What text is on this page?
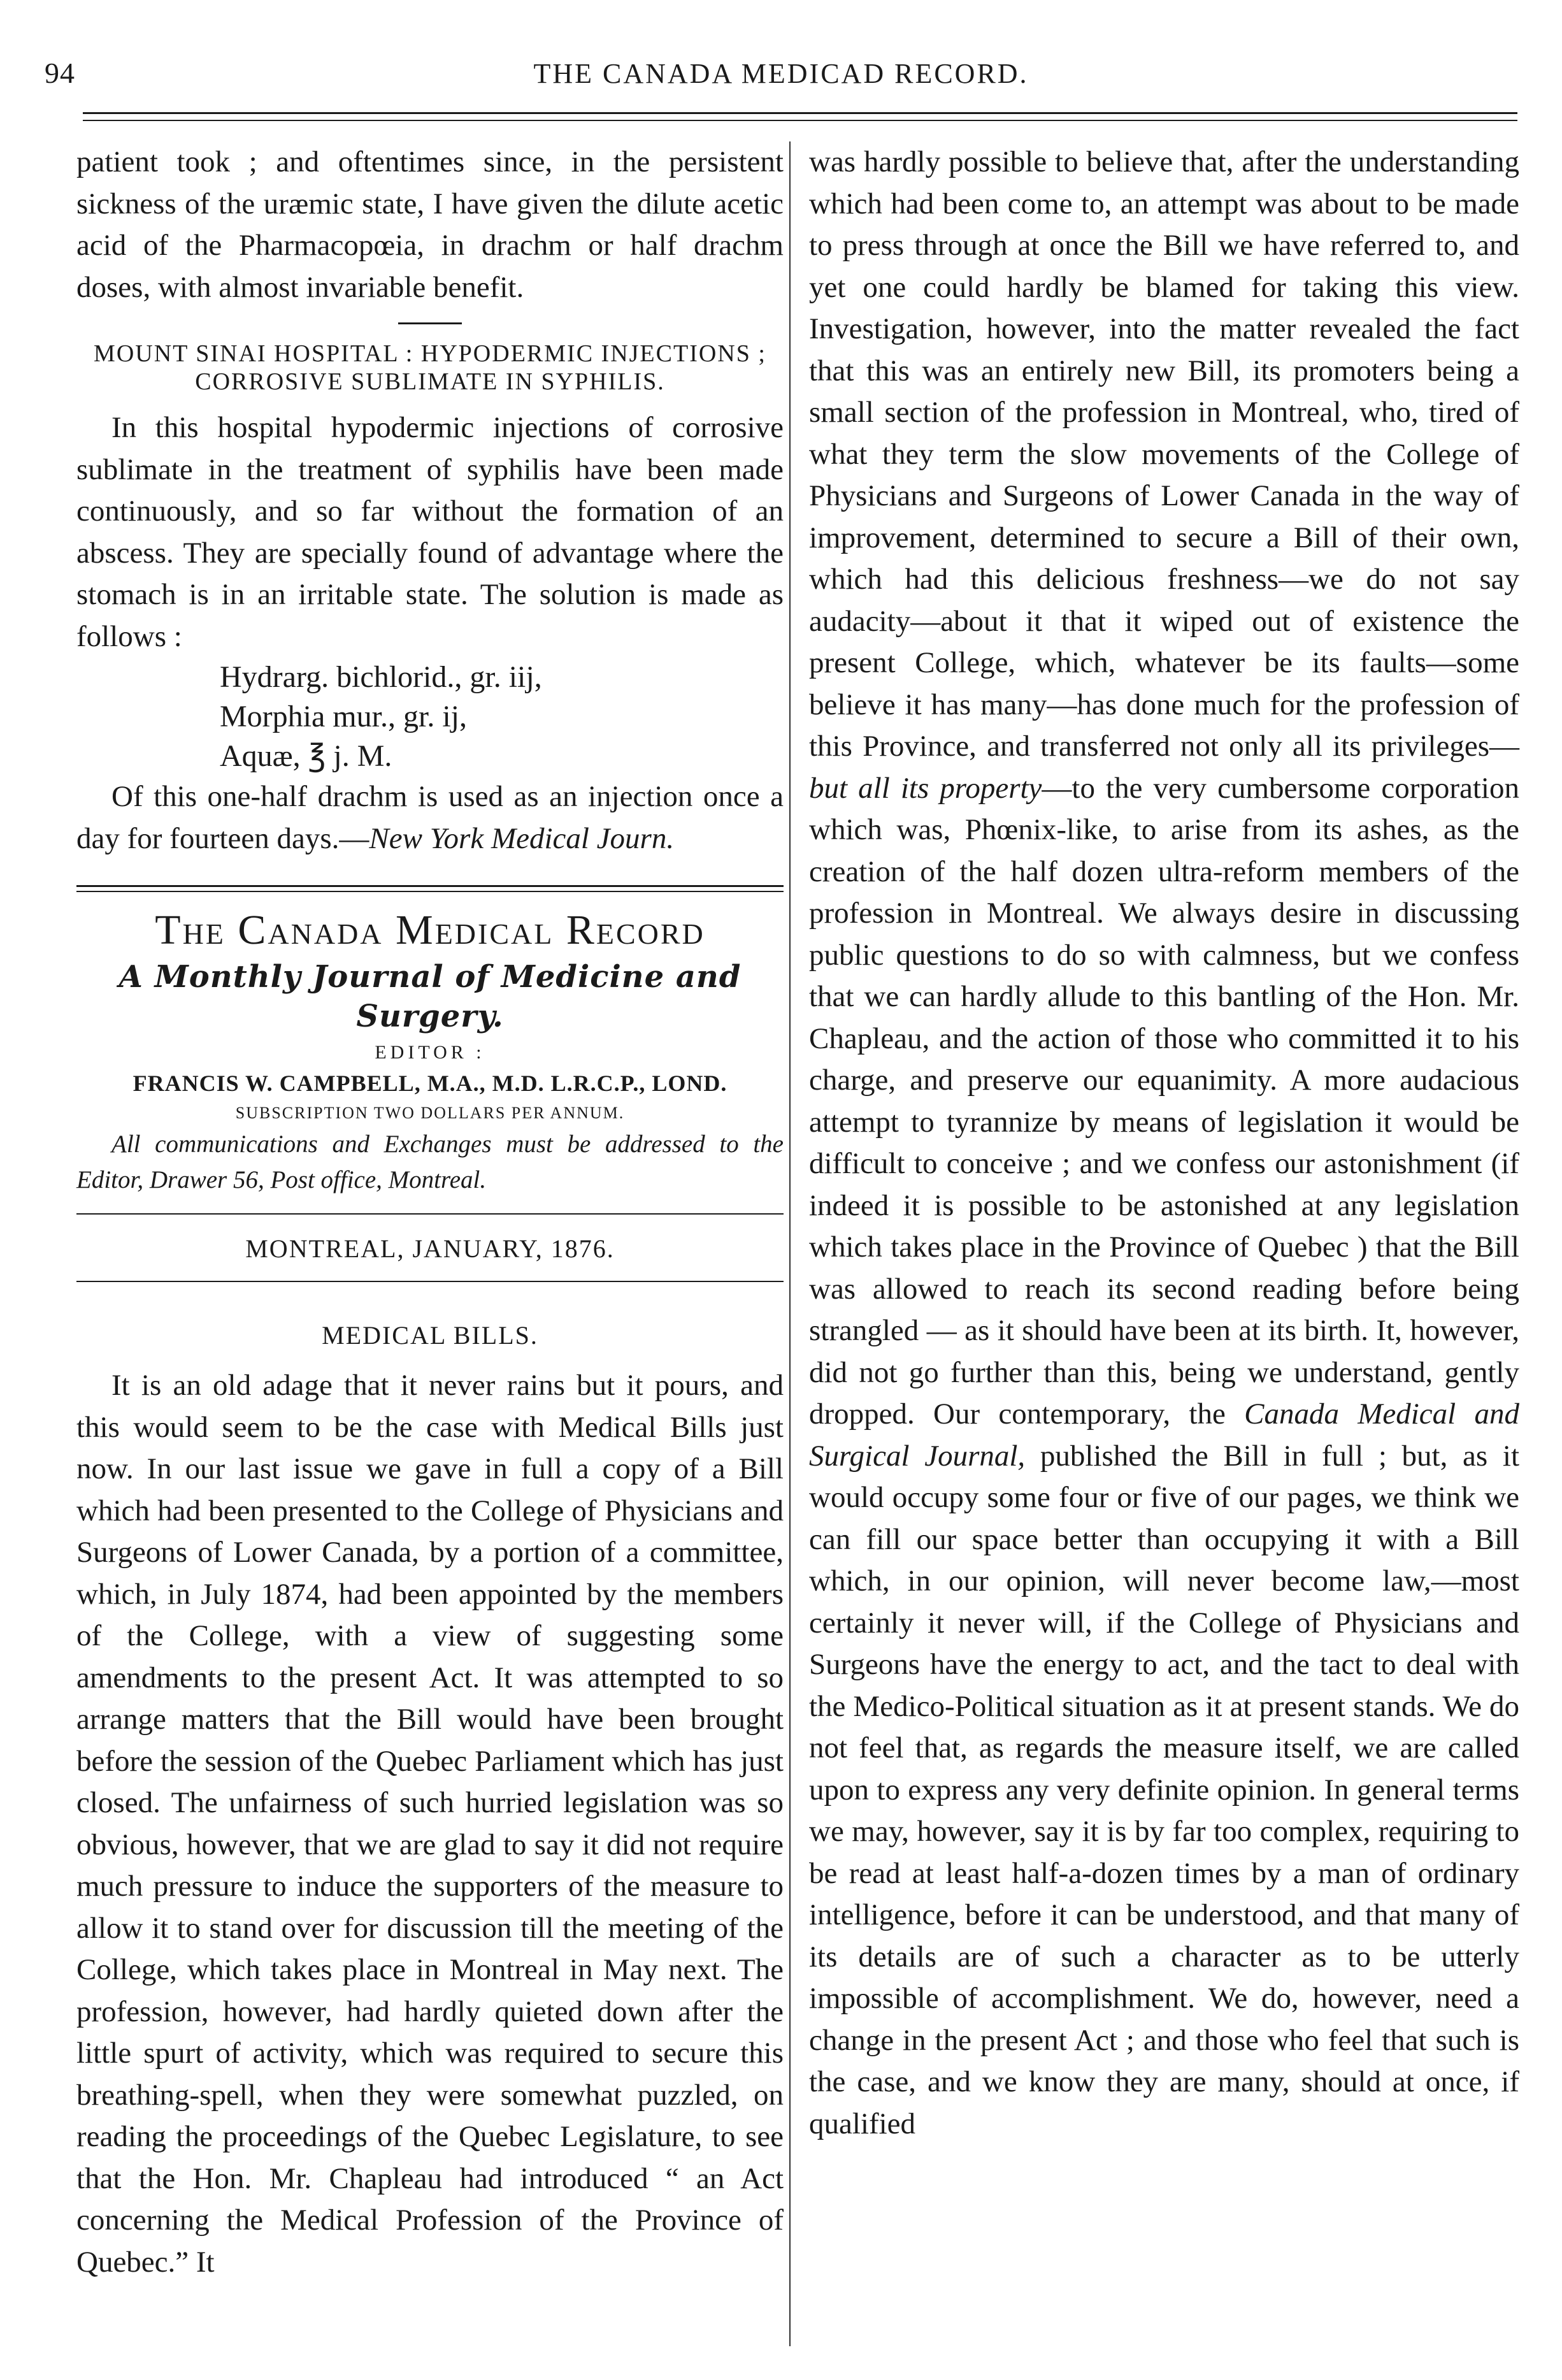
94	THE CANADA MEDICAD RECORD.

patient took ; and oftentimes since, in the persistent sickness of the uræmic state, I have given the dilute acetic acid of the Pharmacopœia, in drachm or half drachm doses, with almost invariable benefit.

MOUNT SINAI HOSPITAL : HYPODERMIC INJECTIONS ; CORROSIVE SUBLIMATE IN SYPHILIS.

In this hospital hypodermic injections of corrosive sublimate in the treatment of syphilis have been made continuously, and so far without the formation of an abscess. They are specially found of advantage where the stomach is in an irritable state. The solution is made as follows :

Hydrarg. bichlorid., gr. iij,
Morphia mur., gr. ij,
Aquæ, ℥ j. M.

Of this one-half drachm is used as an injection once a day for fourteen days.—New York Medical Journ.

The Canada Medical Record
A Monthly Journal of Medicine and Surgery.
EDITOR :
FRANCIS W. CAMPBELL, M.A., M.D. L.R.C.P., LOND.
SUBSCRIPTION TWO DOLLARS PER ANNUM.
All communications and Exchanges must be addressed to the Editor, Drawer 56, Post office, Montreal.
MONTREAL, JANUARY, 1876.
MEDICAL BILLS.

It is an old adage that it never rains but it pours, and this would seem to be the case with Medical Bills just now. In our last issue we gave in full a copy of a Bill which had been presented to the College of Physicians and Surgeons of Lower Canada, by a portion of a committee, which, in July 1874, had been appointed by the members of the College, with a view of suggesting some amendments to the present Act. It was attempted to so arrange matters that the Bill would have been brought before the session of the Quebec Parliament which has just closed. The unfairness of such hurried legislation was so obvious, however, that we are glad to say it did not require much pressure to induce the supporters of the measure to allow it to stand over for discussion till the meeting of the College, which takes place in Montreal in May next. The profession, however, had hardly quieted down after the little spurt of activity, which was required to secure this breathing-spell, when they were somewhat puzzled, on reading the proceedings of the Quebec Legislature, to see that the Hon. Mr. Chapleau had introduced “ an Act concerning the Medical Profession of the Province of Quebec.” It

was hardly possible to believe that, after the understanding which had been come to, an attempt was about to be made to press through at once the Bill we have referred to, and yet one could hardly be blamed for taking this view. Investigation, however, into the matter revealed the fact that this was an entirely new Bill, its promoters being a small section of the profession in Montreal, who, tired of what they term the slow movements of the College of Physicians and Surgeons of Lower Canada in the way of improvement, determined to secure a Bill of their own, which had this delicious freshness—we do not say audacity—about it that it wiped out of existence the present College, which, whatever be its faults—some believe it has many—has done much for the profession of this Province, and transferred not only all its privileges—but all its property—to the very cumbersome corporation which was, Phœnix-like, to arise from its ashes, as the creation of the half dozen ultra-reform members of the profession in Montreal. We always desire in discussing public questions to do so with calmness, but we confess that we can hardly allude to this bantling of the Hon. Mr. Chapleau, and the action of those who committed it to his charge, and preserve our equanimity. A more audacious attempt to tyrannize by means of legislation it would be difficult to conceive ; and we confess our astonishment (if indeed it is possible to be astonished at any legislation which takes place in the Province of Quebec ) that the Bill was allowed to reach its second reading before being strangled — as it should have been at its birth. It, however, did not go further than this, being we understand, gently dropped. Our contemporary, the Canada Medical and Surgical Journal, published the Bill in full ; but, as it would occupy some four or five of our pages, we think we can fill our space better than occupying it with a Bill which, in our opinion, will never become law,—most certainly it never will, if the College of Physicians and Surgeons have the energy to act, and the tact to deal with the Medico-Political situation as it at present stands. We do not feel that, as regards the measure itself, we are called upon to express any very definite opinion. In general terms we may, however, say it is by far too complex, requiring to be read at least half-a-dozen times by a man of ordinary intelligence, before it can be understood, and that many of its details are of such a character as to be utterly impossible of accomplishment. We do, however, need a change in the present Act ; and those who feel that such is the case, and we know they are many, should at once, if qualified
